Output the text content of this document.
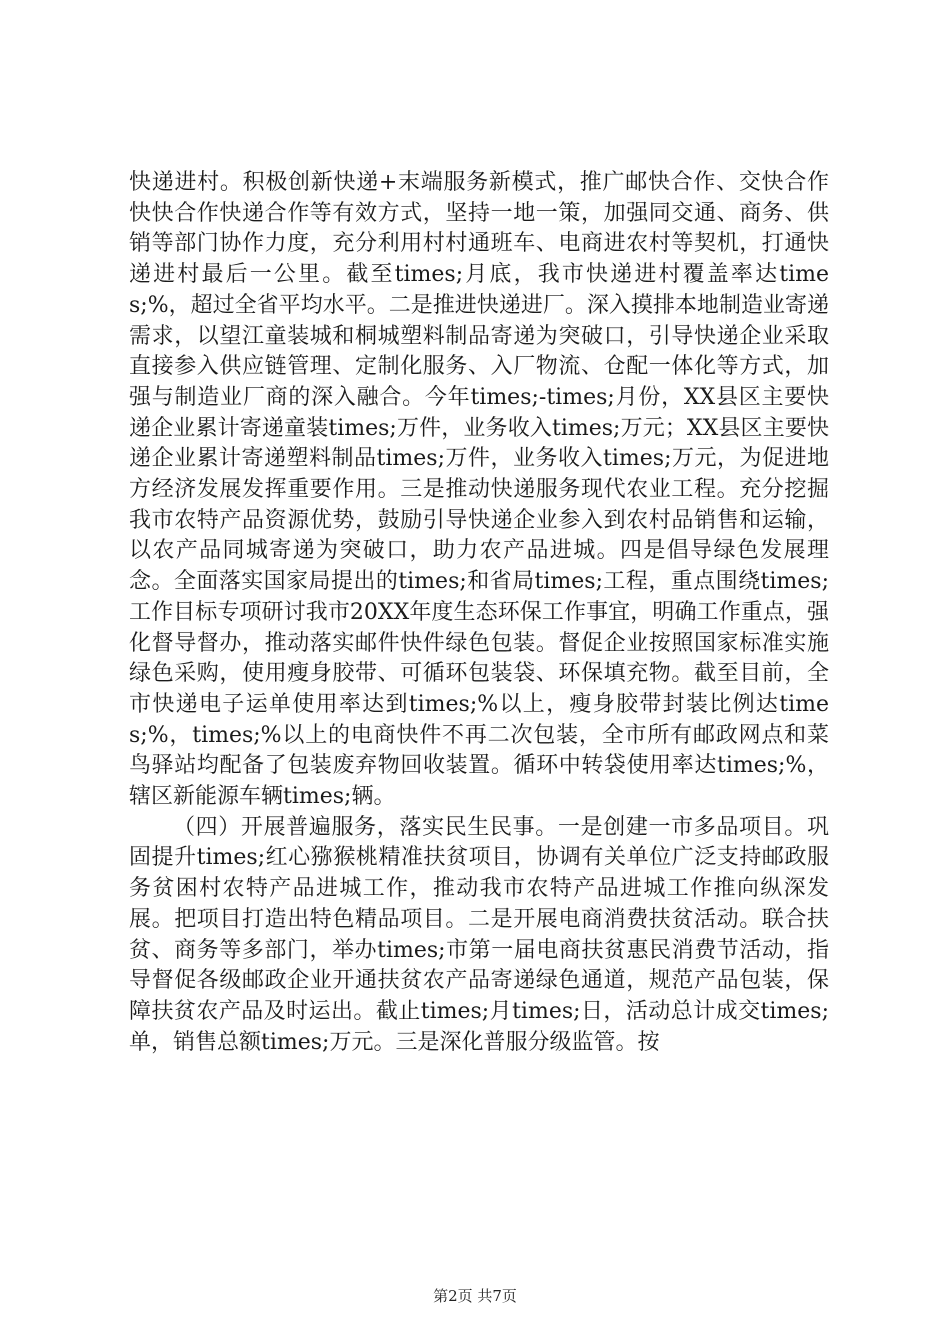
快递进村。积极创新快递+末端服务新模式，推广邮快合作、交快合作快快合作快递合作等有效方式，坚持一地一策，加强同交通、商务、供销等部门协作力度，充分利用村村通班车、电商进农村等契机，打通快递进村最后一公里。截至times;月底，我市快递进村覆盖率达times;%，超过全省平均水平。二是推进快递进厂。深入摸排本地制造业寄递需求，以望江童装城和桐城塑料制品寄递为突破口，引导快递企业采取直接参入供应链管理、定制化服务、入厂物流、仓配一体化等方式，加强与制造业厂商的深入融合。今年times;-times;月份，XX县区主要快递企业累计寄递童装times;万件，业务收入times;万元；XX县区主要快递企业累计寄递塑料制品times;万件，业务收入times;万元，为促进地方经济发展发挥重要作用。三是推动快递服务现代农业工程。充分挖掘我市农特产品资源优势，鼓励引导快递企业参入到农村品销售和运输，以农产品同城寄递为突破口，助力农产品进城。四是倡导绿色发展理念。全面落实国家局提出的times;和省局times;工程，重点围绕times;工作目标专项研讨我市20XX年度生态环保工作事宜，明确工作重点，强化督导督办，推动落实邮件快件绿色包装。督促企业按照国家标准实施绿色采购，使用瘦身胶带、可循环包装袋、环保填充物。截至目前，全市快递电子运单使用率达到times;%以上，瘦身胶带封装比例达times;%，times;%以上的电商快件不再二次包装，全市所有邮政网点和菜鸟驿站均配备了包装废弃物回收装置。循环中转袋使用率达times;%，辖区新能源车辆times;辆。

（四）开展普遍服务，落实民生民事。一是创建一市多品项目。巩固提升times;红心猕猴桃精准扶贫项目，协调有关单位广泛支持邮政服务贫困村农特产品进城工作，推动我市农特产品进城工作推向纵深发展。把项目打造出特色精品项目。二是开展电商消费扶贫活动。联合扶贫、商务等多部门，举办times;市第一届电商扶贫惠民消费节活动，指导督促各级邮政企业开通扶贫农产品寄递绿色通道，规范产品包装，保障扶贫农产品及时运出。截止times;月times;日，活动总计成交times;单，销售总额times;万元。三是深化普服分级监管。按

第2页 共7页
